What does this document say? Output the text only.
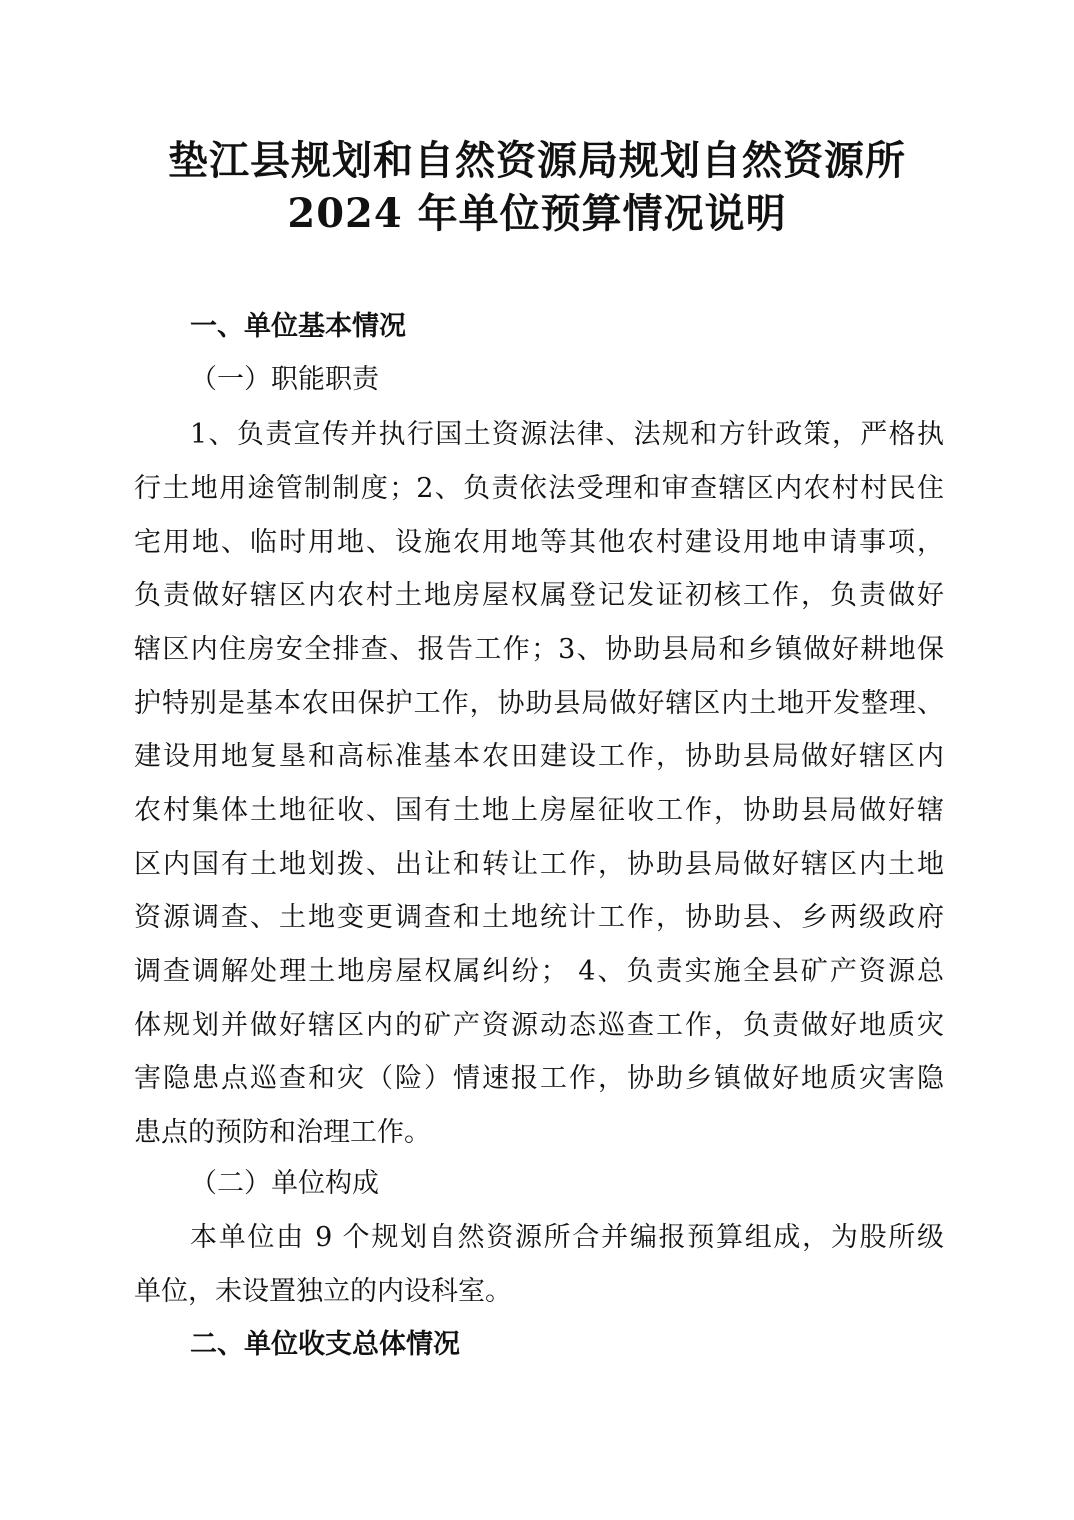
垫江县规划和自然资源局规划自然资源所
2024 年单位预算情况说明
一、单位基本情况
（一）职能职责
1、负责宣传并执行国土资源法律、法规和方针政策，严格执
行土地用途管制制度；2、负责依法受理和审查辖区内农村村民住
宅用地、临时用地、设施农用地等其他农村建设用地申请事项，
负责做好辖区内农村土地房屋权属登记发证初核工作，负责做好
辖区内住房安全排查、报告工作；3、协助县局和乡镇做好耕地保
护特别是基本农田保护工作，协助县局做好辖区内土地开发整理、
建设用地复垦和高标准基本农田建设工作，协助县局做好辖区内
农村集体土地征收、国有土地上房屋征收工作，协助县局做好辖
区内国有土地划拨、出让和转让工作，协助县局做好辖区内土地
资源调查、土地变更调查和土地统计工作，协助县、乡两级政府
调查调解处理土地房屋权属纠纷； 4、负责实施全县矿产资源总
体规划并做好辖区内的矿产资源动态巡查工作，负责做好地质灾
害隐患点巡查和灾（险）情速报工作，协助乡镇做好地质灾害隐
患点的预防和治理工作。
（二）单位构成
本单位由 9 个规划自然资源所合并编报预算组成，为股所级
单位，未设置独立的内设科室。
二、单位收支总体情况
